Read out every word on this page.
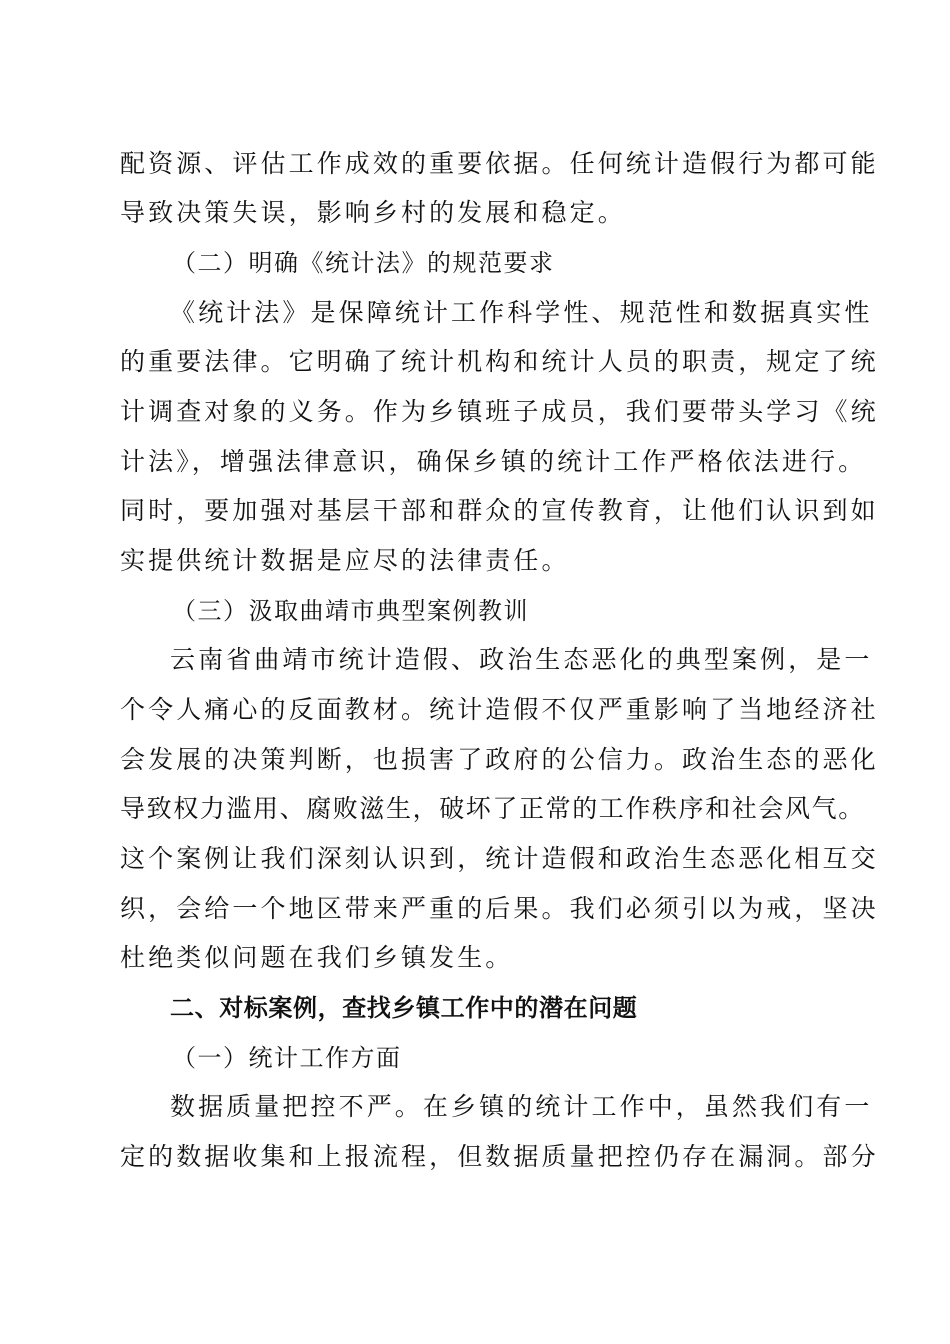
配资源、评估工作成效的重要依据。任何统计造假行为都可能
导致决策失误，影响乡村的发展和稳定。
（二）明确《统计法》的规范要求
《统计法》是保障统计工作科学性、规范性和数据真实性
的重要法律。它明确了统计机构和统计人员的职责，规定了统
计调查对象的义务。作为乡镇班子成员，我们要带头学习《统
计法》，增强法律意识，确保乡镇的统计工作严格依法进行。
同时，要加强对基层干部和群众的宣传教育，让他们认识到如
实提供统计数据是应尽的法律责任。
（三）汲取曲靖市典型案例教训
云南省曲靖市统计造假、政治生态恶化的典型案例，是一
个令人痛心的反面教材。统计造假不仅严重影响了当地经济社
会发展的决策判断，也损害了政府的公信力。政治生态的恶化
导致权力滥用、腐败滋生，破坏了正常的工作秩序和社会风气。
这个案例让我们深刻认识到，统计造假和政治生态恶化相互交
织，会给一个地区带来严重的后果。我们必须引以为戒，坚决
杜绝类似问题在我们乡镇发生。
二、对标案例，查找乡镇工作中的潜在问题
（一）统计工作方面
数据质量把控不严。在乡镇的统计工作中，虽然我们有一
定的数据收集和上报流程，但数据质量把控仍存在漏洞。部分
